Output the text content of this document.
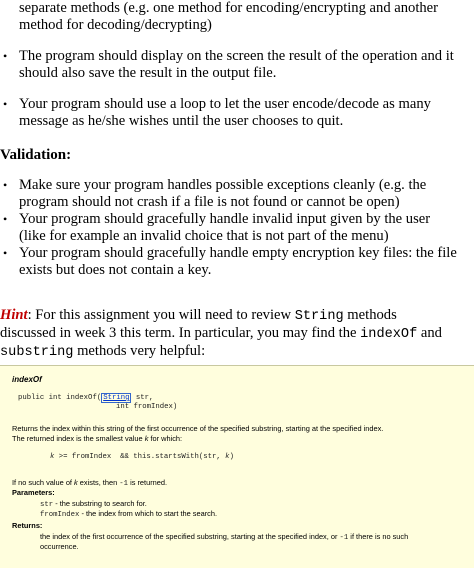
separate methods (e.g. one method for encoding/encrypting and another
method for decoding/decrypting)
• The program should display on the screen the result of the operation and it
should also save the result in the output file.
• Your program should use a loop to let the user encode/decode as many
message as he/she wishes until the user chooses to quit.
Validation:
• Make sure your program handles possible exceptions cleanly (e.g. the
program should not crash if a file is not found or cannot be open)
• Your program should gracefully handle invalid input given by the user
(like for example an invalid choice that is not part of the menu)
• Your program should gracefully handle empty encryption key files: the file
exists but does not contain a key.
Hint: For this assignment you will need to review String methods
discussed in week 3 this term. In particular, you may find the indexOf and
substring methods very helpful:
indexOf
public int indexOf( String str,
int fromIndex)
Returns the index within this string of the first occurrence of the specified substring, starting at the specified index.
The returned index is the smallest value k for which:
k >= fromIndex  && this.startsWith(str, k)
If no such value of k exists, then -1 is returned.
Parameters:
str - the substring to search for.
fromIndex - the index from which to start the search.
Returns:
the index of the first occurrence of the specified substring, starting at the specified index, or -1 if there is no such
occurrence.
